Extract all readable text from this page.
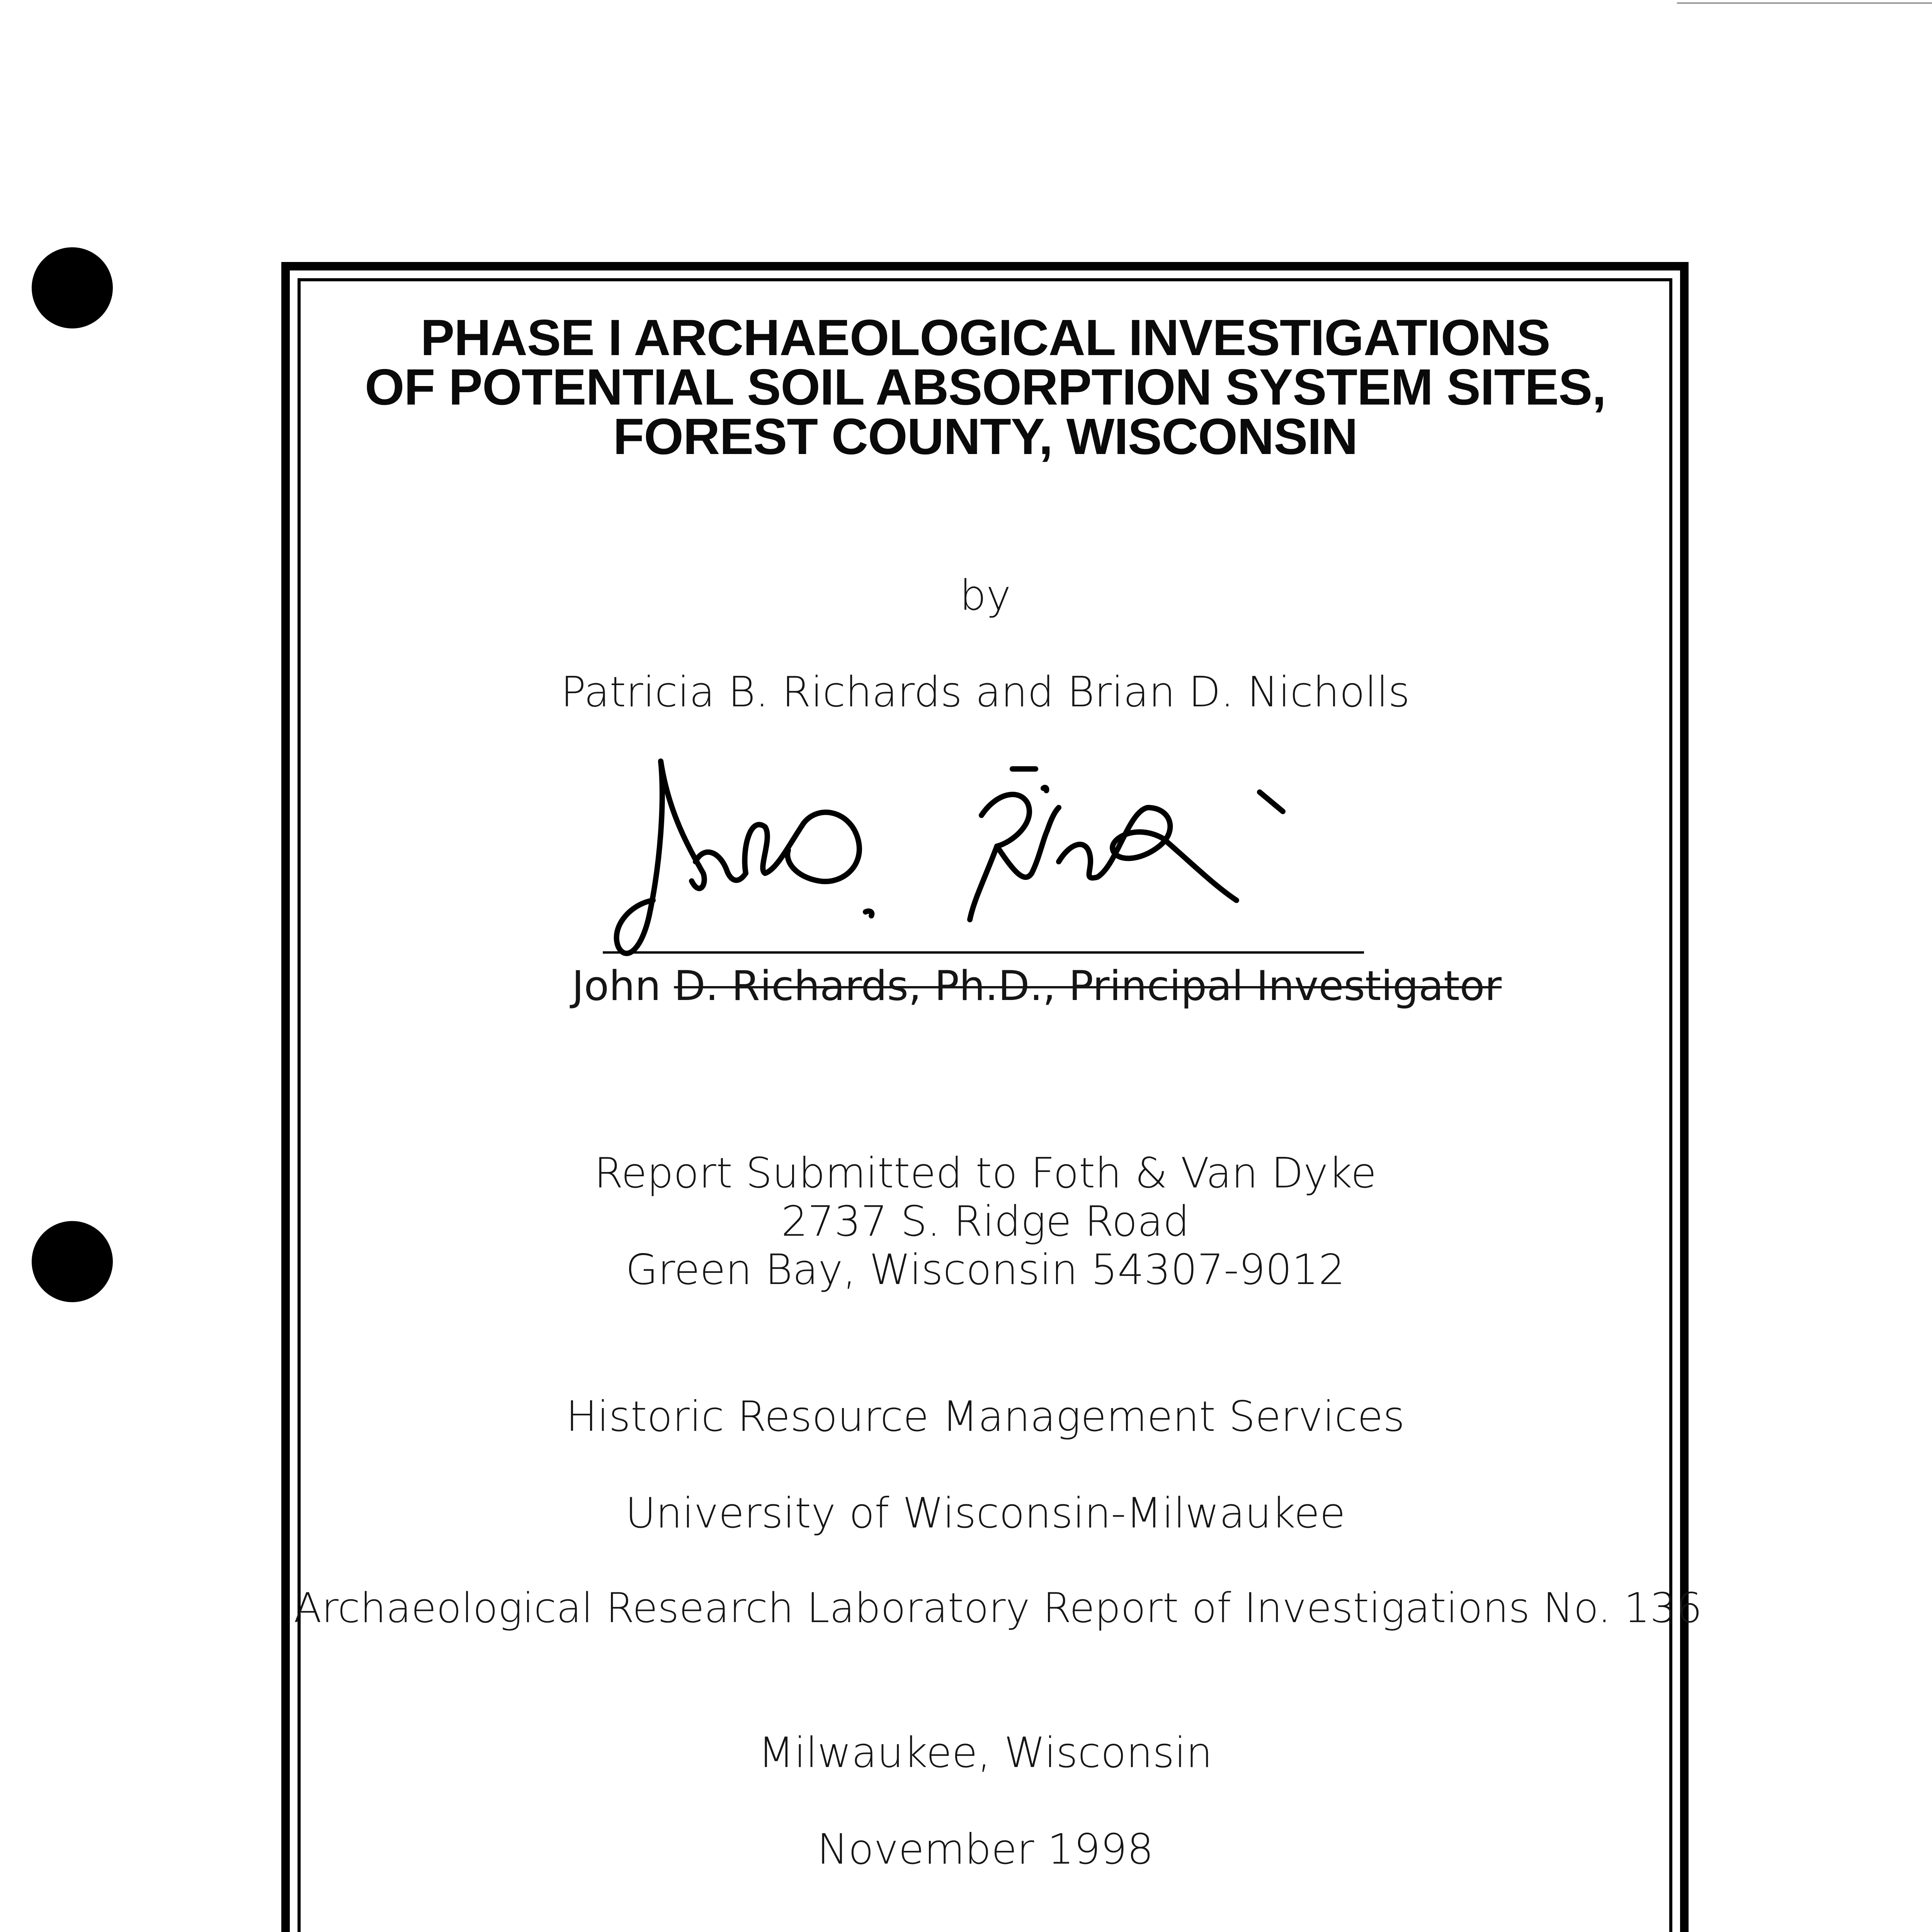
PHASE I ARCHAEOLOGICAL INVESTIGATIONS
OF POTENTIAL SOIL ABSORPTION SYSTEM SITES,
FOREST COUNTY, WISCONSIN
by
Patricia B. Richards and Brian D. Nicholls
John D. Richards, Ph.D., Principal Investigator
Report Submitted to Foth & Van Dyke
2737 S. Ridge Road
Green Bay, Wisconsin 54307-9012
Historic Resource Management Services
University of Wisconsin-Milwaukee
Archaeological Research Laboratory Report of Investigations No. 136
Milwaukee, Wisconsin
November 1998
